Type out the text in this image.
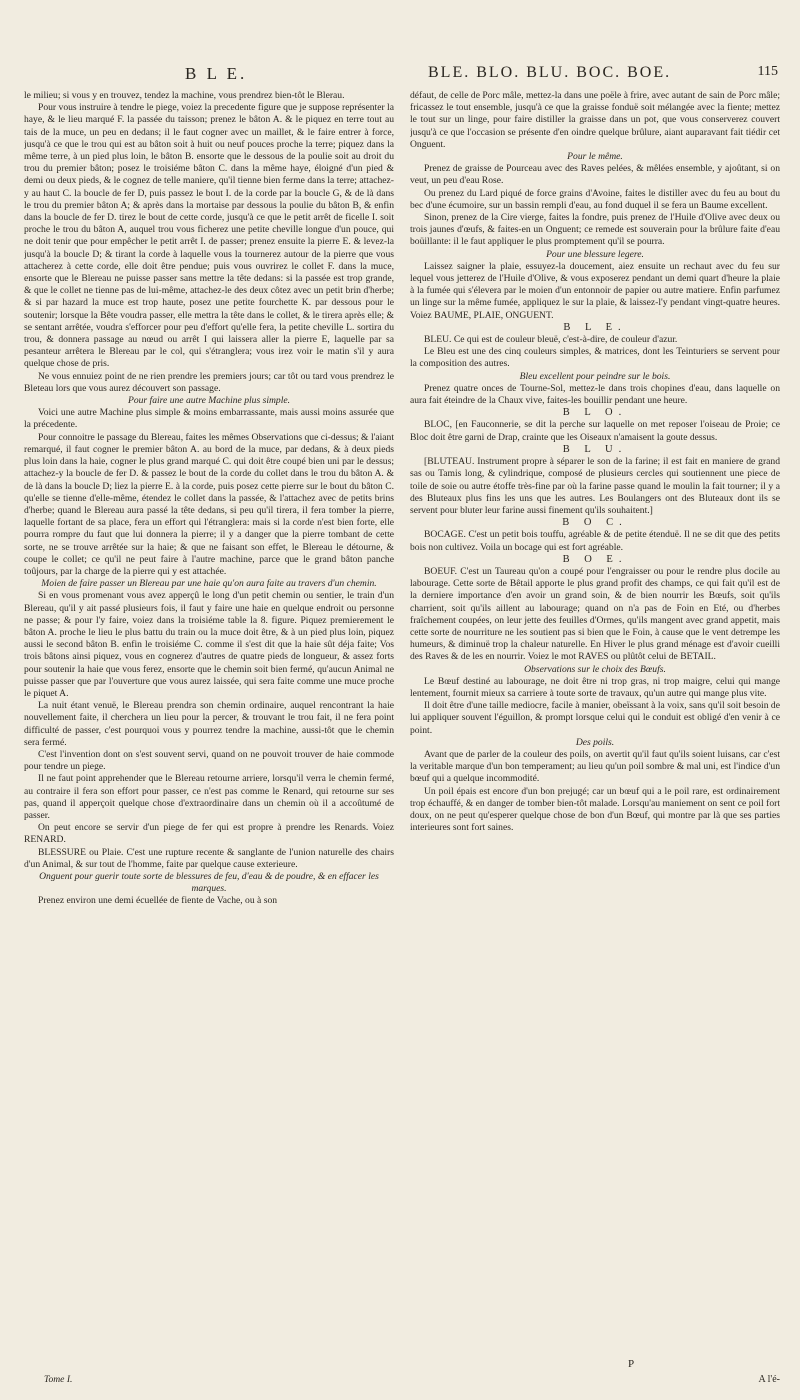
B L E.	BLE. BLO. BLU. BOC. BOE.	115

le milieu; si vous y en trouvez, tendez la machine, vous prendrez bien-tôt le Blerau.

Pour vous instruire à tendre le piege, voiez la precedente figure que je suppose représenter la haye, & le lieu marqué F. la passée du taisson; prenez le bâton A. & le piquez en terre tout au tais de la muce, un peu en dedans; il le faut cogner avec un maillet, & le faire entrer à force, jusqu'à ce que le trou qui est au bâton soit à huit ou neuf pouces proche la terre; piquez dans la même terre, à un pied plus loin, le bâton B. ensorte que le dessous de la poulie soit au droit du trou du premier bâton; posez le troisiéme bâton C. dans la même haye, éloigné d'un pied & demi ou deux pieds, & le cognez de telle maniere, qu'il tienne bien ferme dans la terre; attachez-y au haut C. la boucle de fer D, puis passez le bout I. de la corde par la boucle G, & de là dans le trou du premier bâton A; & après dans la mortaise par dessous la poulie du bâton B, & enfin dans la boucle de fer D. tirez le bout de cette corde, jusqu'à ce que le petit arrêt de ficelle I. soit proche le trou du bâton A, auquel trou vous ficherez une petite cheville longue d'un pouce, qui ne doit tenir que pour empêcher le petit arrêt I. de passer; prenez ensuite la pierre E. & levez-la jusqu'à la boucle D; & tirant la corde à laquelle vous la tournerez autour de la pierre que vous attacherez à cette corde, elle doit être pendue; puis vous ouvrirez le collet F. dans la muce, ensorte que le Blereau ne puisse passer sans mettre la tête dedans: si la passée est trop grande, & que le collet ne tienne pas de lui-même, attachez-le des deux côtez avec un petit brin d'herbe; & si par hazard la muce est trop haute, posez une petite fourchette K. par dessous pour le soutenir; lorsque la Bête voudra passer, elle mettra la tête dans le collet, & le tirera après elle; & se sentant arrêtée, voudra s'efforcer pour peu d'effort qu'elle fera, la petite cheville L. sortira du trou, & donnera passage au nœud ou arrêt I qui laissera aller la pierre E, laquelle par sa pesanteur arrêtera le Blereau par le col, qui s'étranglera; vous irez voir le matin s'il y aura quelque chose de pris.

Ne vous ennuiez point de ne rien prendre les premiers jours; car tôt ou tard vous prendrez le Bleteau lors que vous aurez découvert son passage.

Pour faire une autre Machine plus simple.

Voici une autre Machine plus simple & moins embarrassante, mais aussi moins assurée que la précedente.

Pour connoitre le passage du Blereau, faites les mêmes Observations que ci-dessus; & l'aiant remarqué, il faut cogner le premier bâton A. au bord de la muce, par dedans, & à deux pieds plus loin dans la haie, cogner le plus grand marqué C. qui doit être coupé bien uni par le dessus; attachez-y la boucle de fer D. & passez le bout de la corde du collet dans le trou du bâton A. & de là dans la boucle D; liez la pierre E. à la corde, puis posez cette pierre sur le bout du bâton C. qu'elle se tienne d'elle-même, étendez le collet dans la passée, & l'attachez avec de petits brins d'herbe; quand le Blereau aura passé la tête dedans, si peu qu'il tirera, il fera tomber la pierre, laquelle fortant de sa place, fera un effort qui l'étranglera: mais si la corde n'est bien forte, elle pourra rompre du faut que lui donnera la pierre; il y a danger que la pierre tombant de cette sorte, ne se trouve arrêtée sur la haie; & que ne faisant son effet, le Blereau le détourne, & coupe le collet; ce qu'il ne peut faire à l'autre machine, parce que le grand bâton panche toûjours, par la charge de la pierre qui y est attachée.

Moien de faire passer un Blereau par une haie qu'on aura faite au travers d'un chemin.

Si en vous promenant vous avez apperçû le long d'un petit chemin ou sentier, le train d'un Blereau, qu'il y ait passé plusieurs fois, il faut y faire une haie en quelque endroit ou personne ne passe; & pour l'y faire, voiez dans la troisiéme table la 8. figure. Piquez premierement le bâton A. proche le lieu le plus battu du train ou la muce doit être, & à un pied plus loin, piquez aussi le second bâton B. enfin le troisiéme C. comme il s'est dit que la haie sût déja faite; Vos trois bâtons ainsi piquez, vous en cognerez d'autres de quatre pieds de longueur, & assez forts pour soutenir la haie que vous ferez, ensorte que le chemin soit bien fermé, qu'aucun Animal ne puisse passer que par l'ouverture que vous aurez laissée, qui sera faite comme une muce proche le piquet A.

La nuit étant venuë, le Blereau prendra son chemin ordinaire, auquel rencontrant la haie nouvellement faite, il cherchera un lieu pour la percer, & trouvant le trou fait, il ne fera point difficulté de passer, c'est pourquoi vous y pourrez tendre la machine, aussi-tôt que le chemin sera fermé.

C'est l'invention dont on s'est souvent servi, quand on ne pouvoit trouver de haie commode pour tendre un piege.

Il ne faut point apprehender que le Blereau retourne arriere, lorsqu'il verra le chemin fermé, au contraire il fera son effort pour passer, ce n'est pas comme le Renard, qui retourne sur ses pas, quand il apperçoit quelque chose d'extraordinaire dans un chemin où il a accoûtumé de passer.

On peut encore se servir d'un piege de fer qui est propre à prendre les Renards. Voiez RENARD.

BLESSURE ou Plaie. C'est une rupture recente & sanglante de l'union naturelle des chairs d'un Animal, & sur tout de l'homme, faite par quelque cause exterieure.

Onguent pour guerir toute sorte de blessures de feu, d'eau & de poudre, & en effacer les marques.

Prenez environ une demi écuellée de fiente de Vache, ou à son

défaut, de celle de Porc mâle, mettez-la dans une poële à frire, avec autant de sain de Porc mâle; fricassez le tout ensemble, jusqu'à ce que la graisse fonduë soit mélangée avec la fiente; mettez le tout sur un linge, pour faire distiller la graisse dans un pot, que vous conserverez couvert jusqu'à ce que l'occasion se présente d'en oindre quelque brûlure, aiant auparavant fait tiédir cet Onguent.

Pour le même.

Prenez de graisse de Pourceau avec des Raves pelées, & mêlées ensemble, y ajoûtant, si on veut, un peu d'eau Rose.

Ou prenez du Lard piqué de force grains d'Avoine, faites le distiller avec du feu au bout du bec d'une écumoire, sur un bassin rempli d'eau, au fond duquel il se fera un Baume excellent.

Sinon, prenez de la Cire vierge, faites la fondre, puis prenez de l'Huile d'Olive avec deux ou trois jaunes d'œufs, & faites-en un Onguent; ce remede est souverain pour la brûlure faite d'eau boüillante: il le faut appliquer le plus promptement qu'il se pourra.

Pour une blessure legere.

Laissez saigner la plaie, essuyez-la doucement, aiez ensuite un rechaut avec du feu sur lequel vous jetterez de l'Huile d'Olive, & vous exposerez pendant un demi quart d'heure la plaie à la fumée qui s'élevera par le moien d'un entonnoir de papier ou autre matiere. Enfin parfumez un linge sur la même fumée, appliquez le sur la plaie, & laissez-l'y pendant vingt-quatre heures. Voiez BAUME, PLAIE, ONGUENT.

B L E.

BLEU. Ce qui est de couleur bleuë, c'est-à-dire, de couleur d'azur.

Le Bleu est une des cinq couleurs simples, & matrices, dont les Teinturiers se servent pour la composition des autres.

Bleu excellent pour peindre sur le bois.

Prenez quatre onces de Tourne-Sol, mettez-le dans trois chopines d'eau, dans laquelle on aura fait éteindre de la Chaux vive, faites-les bouillir pendant une heure.

B L O.

BLOC, [en Fauconnerie, se dit la perche sur laquelle on met reposer l'oiseau de Proie; ce Bloc doit être garni de Drap, crainte que les Oiseaux n'amaisent la goute dessus.

B L U.

[BLUTEAU. Instrument propre à séparer le son de la farine; il est fait en maniere de grand sas ou Tamis long, & cylindrique, composé de plusieurs cercles qui soutiennent une piece de toile de soie ou autre étoffe très-fine par où la farine passe quand le moulin la fait tourner; il y a des Bluteaux plus fins les uns que les autres. Les Boulangers ont des Bluteaux dont ils se servent pour bluter leur farine aussi finement qu'ils souhaitent.]

B O C.

BOCAGE. C'est un petit bois touffu, agréable & de petite étenduë. Il ne se dit que des petits bois non cultivez. Voila un bocage qui est fort agréable.

B O E.

BOEUF. C'est un Taureau qu'on a coupé pour l'engraisser ou pour le rendre plus docile au labourage. Cette sorte de Bêtail apporte le plus grand profit des champs, ce qui fait qu'il est de la derniere importance d'en avoir un grand soin, & de bien nourrir les Bœufs, soit qu'ils charrient, soit qu'ils aillent au labourage; quand on n'a pas de Foin en Eté, ou d'herbes fraîchement coupées, on leur jette des feuilles d'Ormes, qu'ils mangent avec grand appetit, mais cette sorte de nourriture ne les soutient pas si bien que le Foin, à cause que le vent detrempe les humeurs, & diminuë trop la chaleur naturelle. En Hiver le plus grand ménage est d'avoir cueilli des Raves & de les en nourrir. Voiez le mot RAVES ou plûtôt celui de BETAIL.

Observations sur le choix des Bœufs.

Le Bœuf destiné au labourage, ne doit être ni trop gras, ni trop maigre, celui qui mange lentement, fournit mieux sa carriere à toute sorte de travaux, qu'un autre qui mange plus vite.

Il doit être d'une taille mediocre, facile à manier, obeïssant à la voix, sans qu'il soit besoin de lui appliquer souvent l'éguillon, & prompt lorsque celui qui le conduit est obligé d'en venir à ce point.

Des poils.

Avant que de parler de la couleur des poils, on avertit qu'il faut qu'ils soient luisans, car c'est la veritable marque d'un bon temperament; au lieu qu'un poil sombre & mal uni, est l'indice d'un bœuf qui a quelque incommodité.

Un poil épais est encore d'un bon prejugé; car un bœuf qui a le poil rare, est ordinairement trop échauffé, & en danger de tomber bien-tôt malade. Lorsqu'au maniement on sent ce poil fort doux, on ne peut qu'esperer quelque chose de bon d'un Bœuf, qui montre par là que ses parties interieures sont fort saines.

Tome I.
P
A l'é-
